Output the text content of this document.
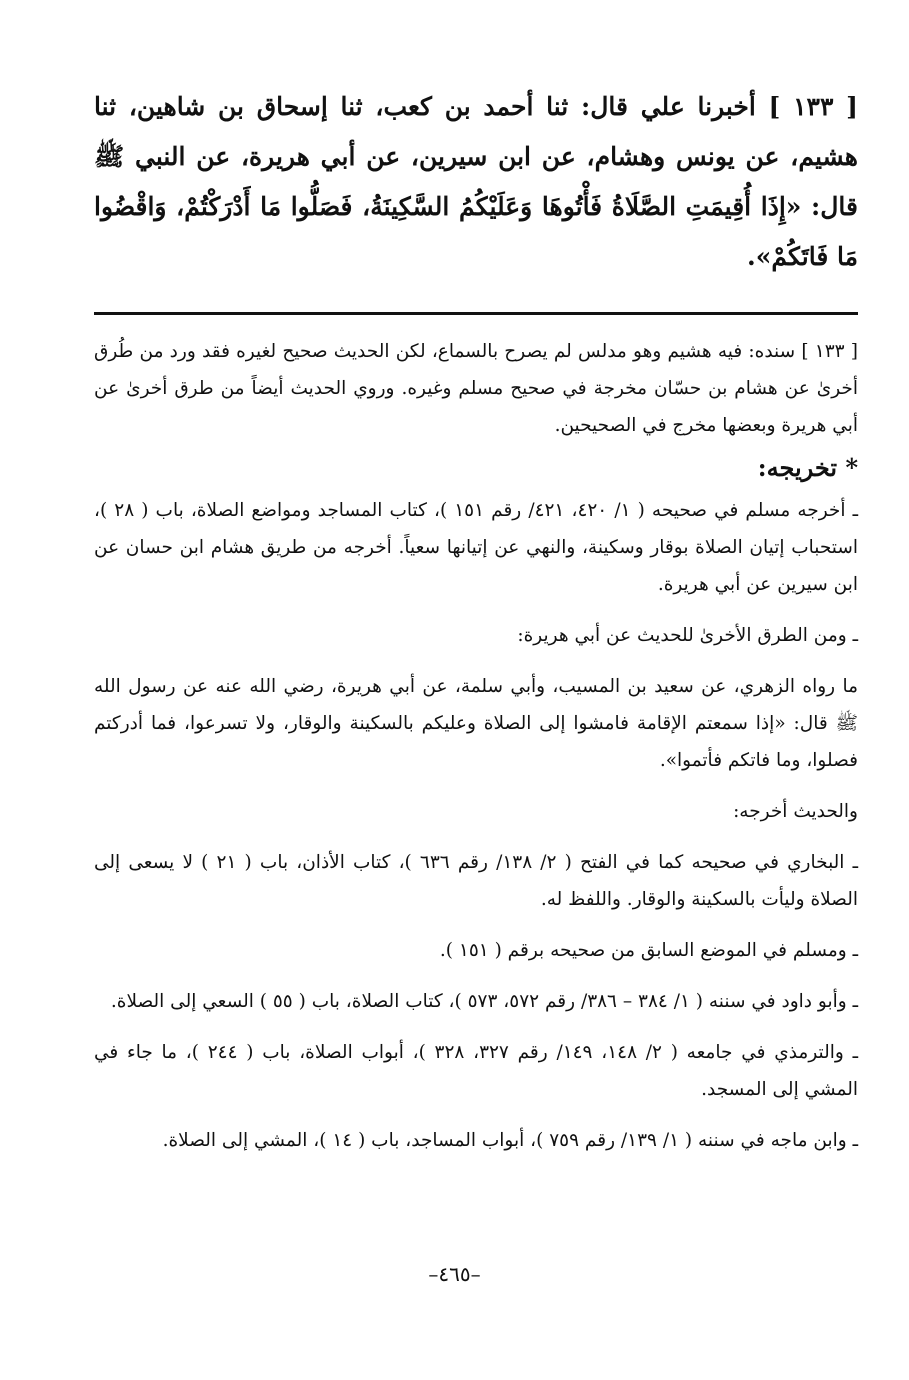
[ ١٣٣ ] أخبرنا علي قال: ثنا أحمد بن كعب، ثنا إسحاق بن شاهين، ثنا هشيم، عن يونس وهشام، عن ابن سيرين، عن أبي هريرة، عن النبي ﷺ قال: «إِذَا أُقِيمَتِ الصَّلَاةُ فَأْتُوهَا وَعَلَيْكُمُ السَّكِينَةُ، فَصَلُّوا مَا أَدْرَكْتُمْ، وَاقْضُوا مَا فَاتَكُمْ».

[ ١٣٣ ] سنده: فيه هشيم وهو مدلس لم يصرح بالسماع، لكن الحديث صحيح لغيره فقد ورد من طُرق أخرىٰ عن هشام بن حسّان مخرجة في صحيح مسلم وغيره. وروي الحديث أيضاً من طرق أخرىٰ عن أبي هريرة وبعضها مخرج في الصحيحين.

* تخريجه:

ـ أخرجه مسلم في صحيحه ( ١/ ٤٢٠، ٤٢١/ رقم ١٥١ )، كتاب المساجد ومواضع الصلاة، باب ( ٢٨ )، استحباب إتيان الصلاة بوقار وسكينة، والنهي عن إتيانها سعياً. أخرجه من طريق هشام ابن حسان عن ابن سيرين عن أبي هريرة.

ـ ومن الطرق الأخرىٰ للحديث عن أبي هريرة:

ما رواه الزهري، عن سعيد بن المسيب، وأبي سلمة، عن أبي هريرة، رضي الله عنه عن رسول الله ﷺ قال: «إذا سمعتم الإقامة فامشوا إلى الصلاة وعليكم بالسكينة والوقار، ولا تسرعوا، فما أدركتم فصلوا، وما فاتكم فأتموا».

والحديث أخرجه:

ـ البخاري في صحيحه كما في الفتح ( ٢/ ١٣٨/ رقم ٦٣٦ )، كتاب الأذان، باب ( ٢١ ) لا يسعى إلى الصلاة وليأت بالسكينة والوقار. واللفظ له.

ـ ومسلم في الموضع السابق من صحيحه برقم ( ١٥١ ).

ـ وأبو داود في سننه ( ١/ ٣٨٤ – ٣٨٦/ رقم ٥٧٢، ٥٧٣ )، كتاب الصلاة، باب ( ٥٥ ) السعي إلى الصلاة.

ـ والترمذي في جامعه ( ٢/ ١٤٨، ١٤٩/ رقم ٣٢٧، ٣٢٨ )، أبواب الصلاة، باب ( ٢٤٤ )، ما جاء في المشي إلى المسجد.

ـ وابن ماجه في سننه ( ١/ ١٣٩/ رقم ٧٥٩ )، أبواب المساجد، باب ( ١٤ )، المشي إلى الصلاة.

–٤٦٥–
